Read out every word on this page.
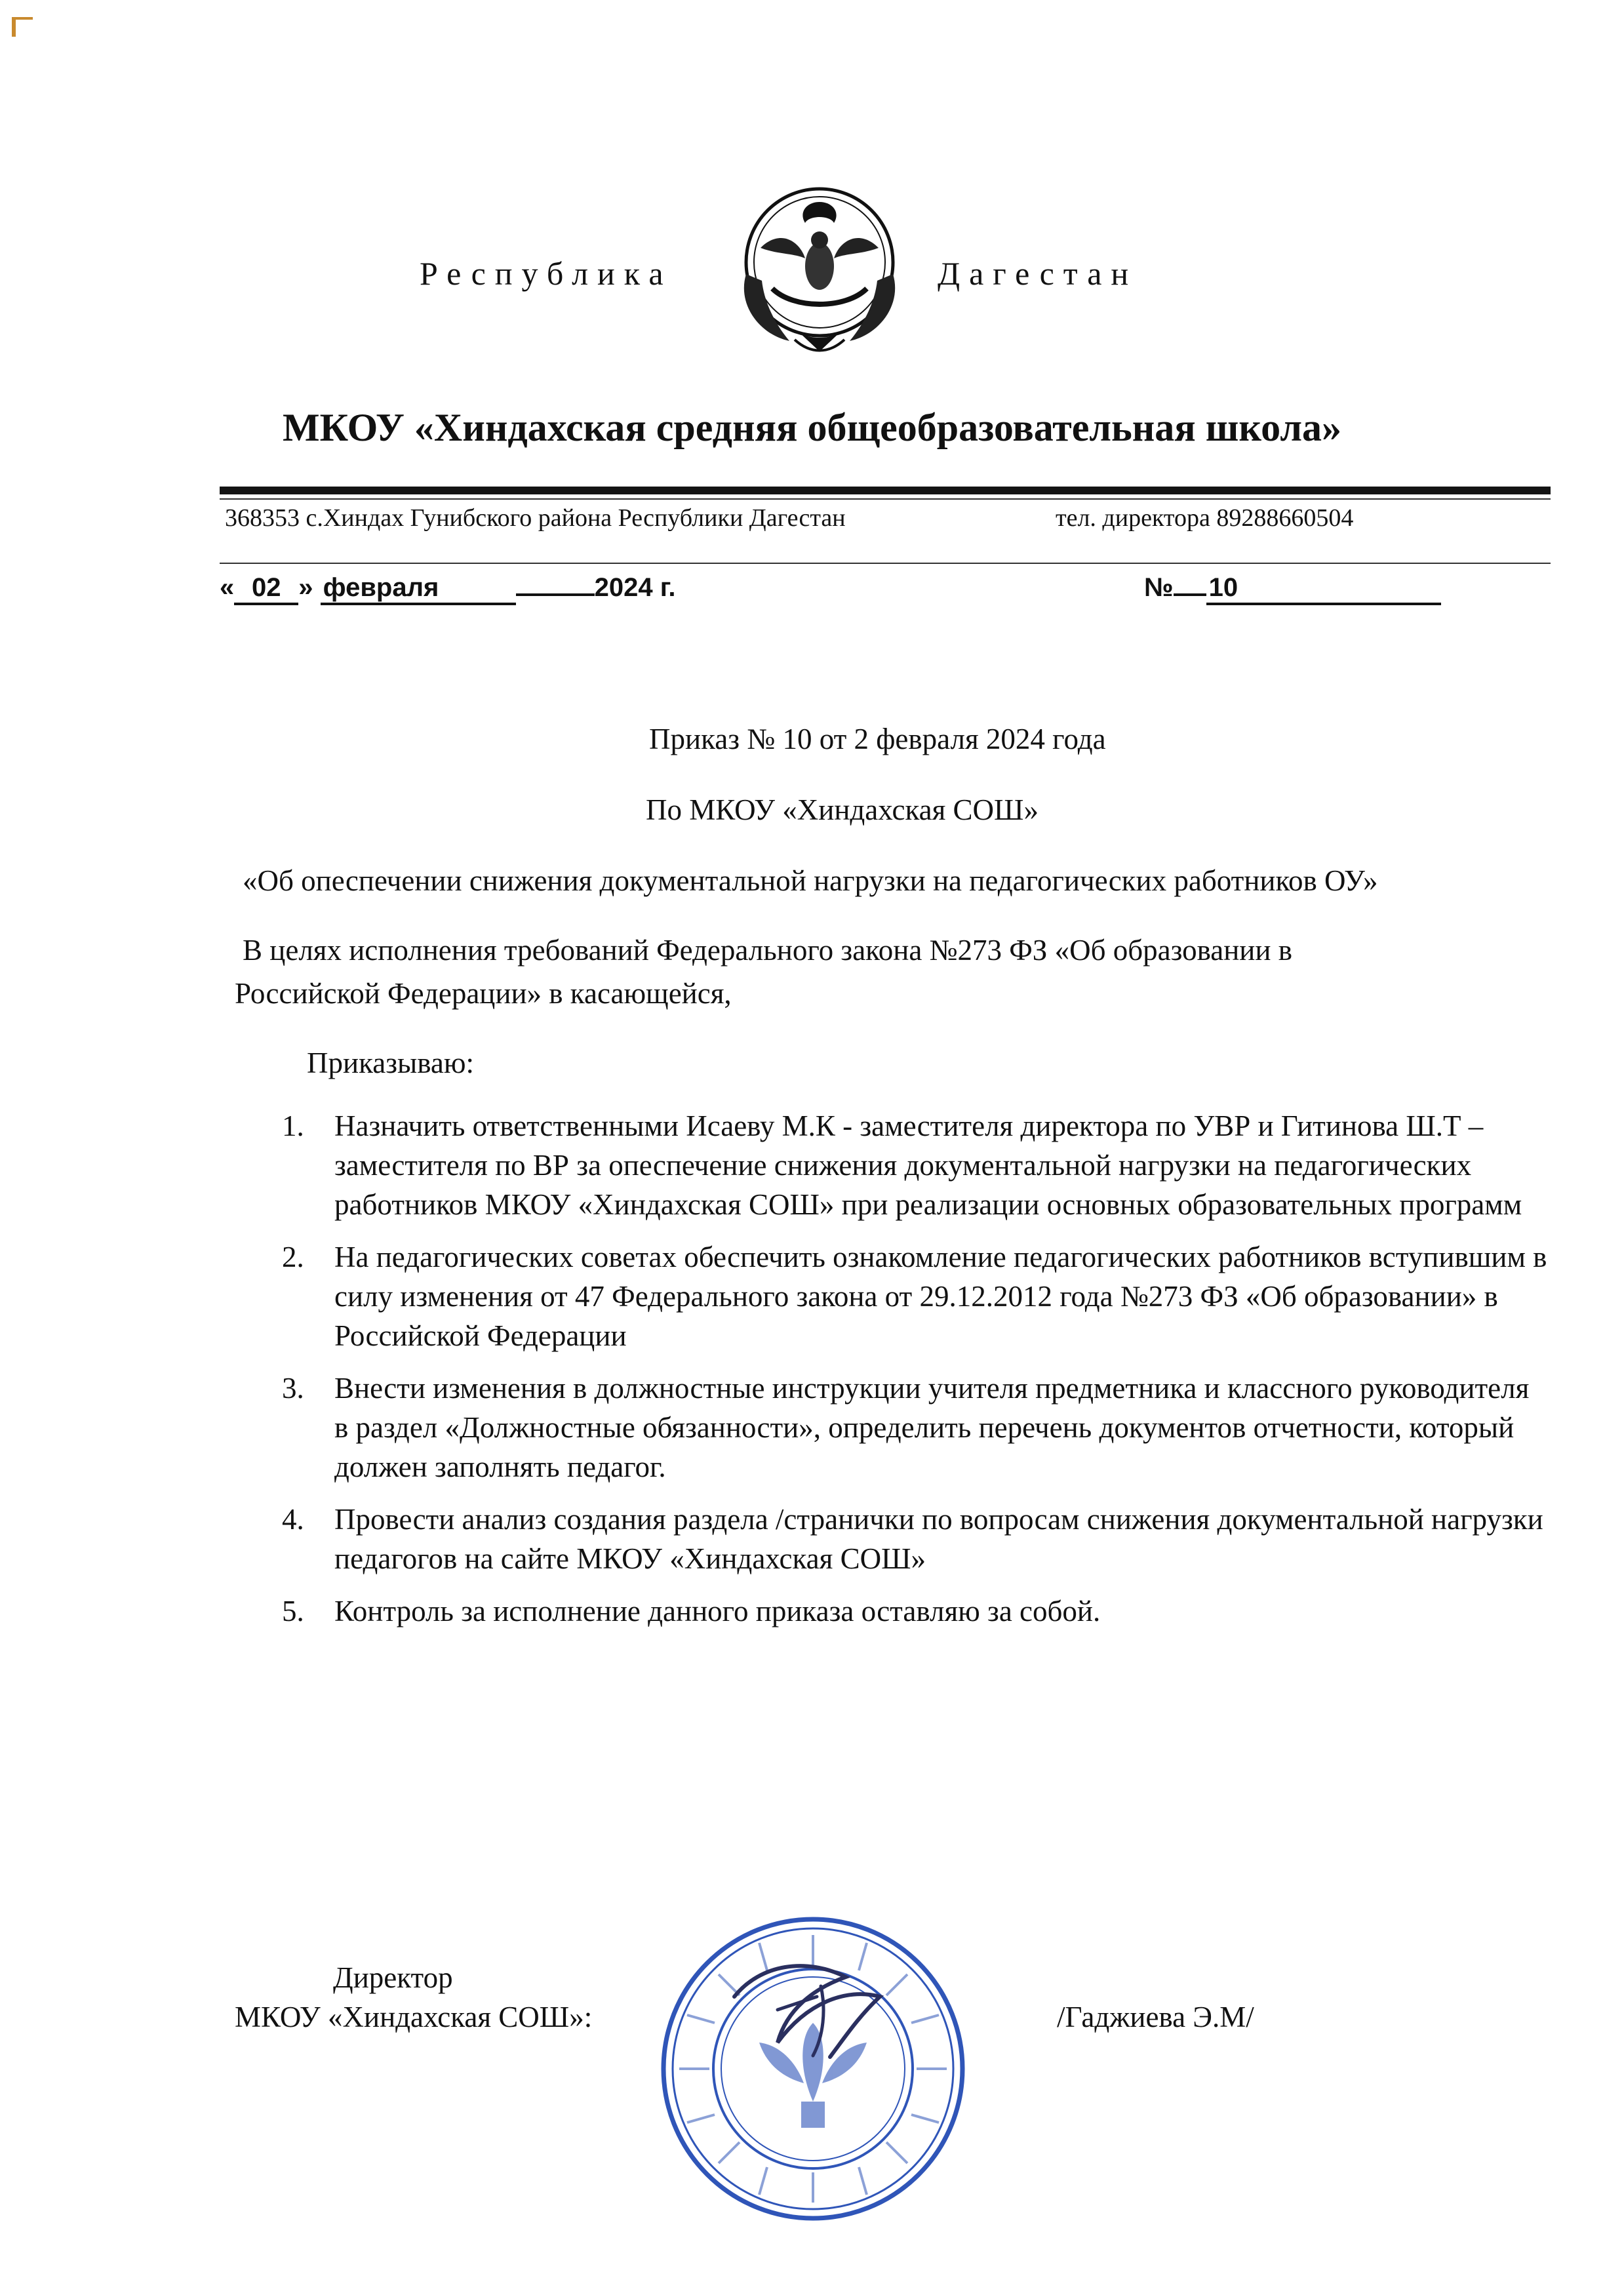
Республика	Дагестан
МКОУ «Хиндахская средняя общеобразовательная школа»
368353 с.Хиндах Гунибского района Республики Дагестан	тел. директора 89288660504
« 02 » февраля	2024 г.	№ 10
Приказ № 10 от 2 февраля 2024 года
По МКОУ «Хиндахская СОШ»
«Об опеспечении снижения документальной нагрузки на педагогических работников ОУ»
В целях исполнения требований Федерального закона №273 ФЗ «Об образовании в
Российской Федерации» в касающейся,
Приказываю:
1. Назначить ответственными Исаеву М.К - заместителя директора по УВР и Гитинова Ш.Т – заместителя по ВР за опеспечение снижения документальной нагрузки на педагогических работников МКОУ «Хиндахская СОШ» при реализации основных образовательных программ
2. На педагогических советах обеспечить ознакомление педагогических работников вступившим в силу изменения от 47 Федерального закона от 29.12.2012 года №273 ФЗ «Об образовании» в Российской Федерации
3. Внести изменения в должностные инструкции учителя предметника и классного руководителя в раздел «Должностные обязанности», определить перечень документов отчетности, который должен заполнять педагог.
4. Провести анализ создания раздела /странички по вопросам снижения документальной нагрузки педагогов на сайте МКОУ «Хиндахская СОШ»
5. Контроль за исполнение данного приказа оставляю за собой.
Директор
МКОУ «Хиндахская СОШ»:	/Гаджиева Э.М/
